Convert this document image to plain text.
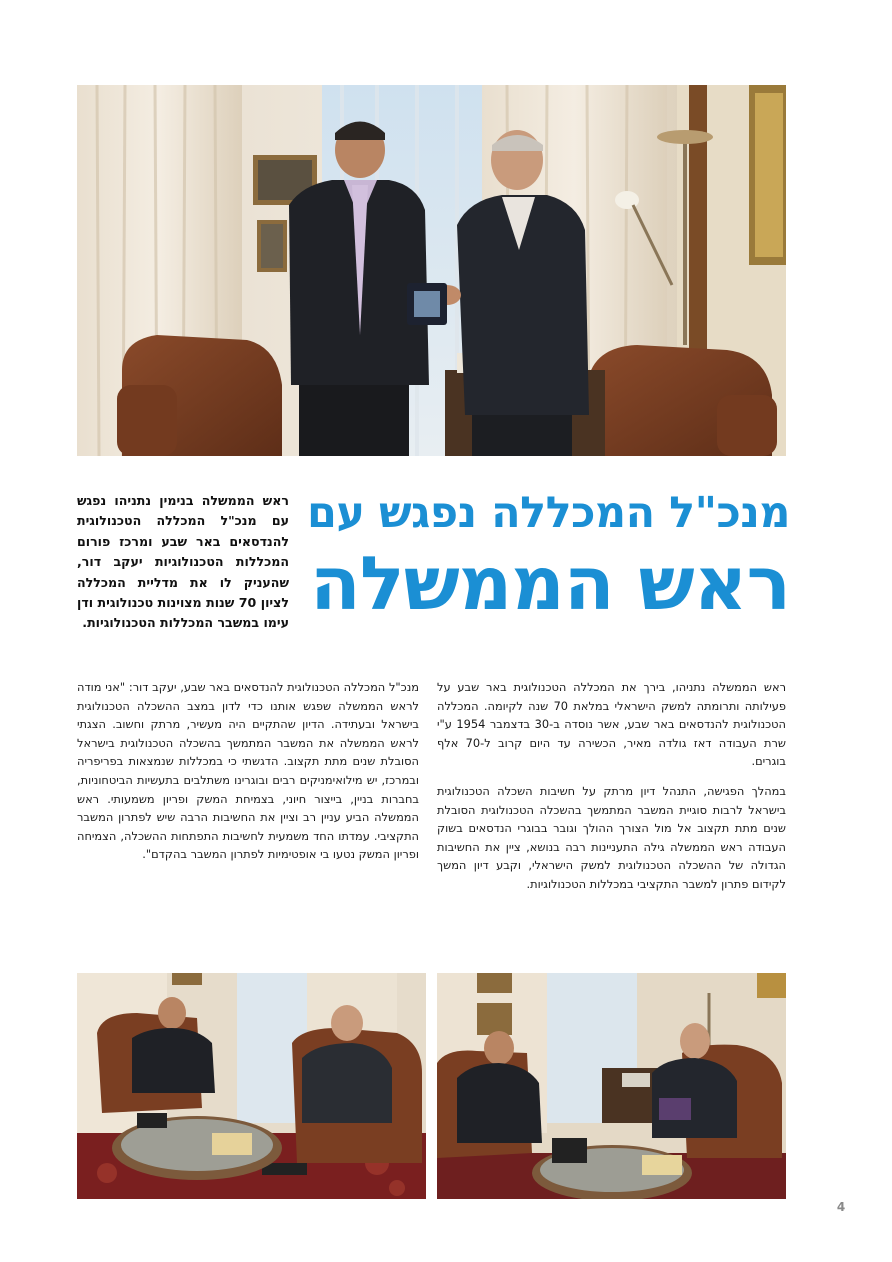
מנכ"ל המכללה נפגש עם
ראש הממשלה
ראש הממשלה בנימין נתניהו נפגש עם מנכ"ל המכללה הטכנולוגית להנדסאים באר שבע ומרכז פורום המכללות הטכנולוגיות יעקב דור, שהעניק לו את מדליית המכללה לציון 70 שנות מצוינות טכנולוגית ודן עימו במשבר המכללות הטכנולוגיות.

ראש הממשלה נתניהו, בירך את המכללה הטכנולוגית באר שבע על פעילותה ותרומתה למשק הישראלי במלאת 70 שנה לקיומה. המכללה הטכנולוגית להנדסאים באר שבע, אשר נוסדה ב-30 בדצמבר 1954 ע"י שרת העבודה דאז גולדה מאיר, הכשירה עד היום קרוב ל-70 אלף בוגרים.

במהלך הפגישה, התנהל דיון מרתק על חשיבות השכלה הטכנולוגית בישראל לרבות סוגיית המשבר המתמשך בהשכלה הטכנולוגית הסובלת שנים מתת תקצוב אל מול הצורך ההולך וגובר בבוגרי הנדסאים בשוק העבודה ראש הממשלה גילה התעניינות רבה בנושא, ציין את החשיבות הגדולה של ההשכלה הטכנולוגית למשק הישראלי, וקבע דיון המשך לקידום פתרון למשבר התקציבי במכללות הטכנולוגיות.

מנכ"ל המכללה הטכנולוגית להנדסאים באר שבע, יעקב דור: "אני מודה לראש הממשלה שפגש אותנו כדי לדון במצב ההשכלה הטכנולוגית בישראל ובעתידה. הדיון שהתקיים היה מעשיר, מרתק וחשוב. הצגתי לראש הממשלה את המשבר המתמשך בהשכלה הטכנולוגית בישראל הסובלת שנים מתת תקצוב. הדגשתי כי במכללות שנמצאות בפריפריה ובמרכז, יש מילואימניקים רבים ובוגרינו משתלבים בתעשיות הביטחוניות, בחברות בניין, בייצור חיוני, בצמיחת המשק ופריון משמעותי. ראש הממשלה הביע עניין רב וציין את החשיבות הרבה שיש לפתרון המשבר התקציבי. עמדתו החד משמעית לחשיבות התפתחות ההשכלה, הצמיחה ופריון המשק נטעו בי אופטימיות לפתרון המשבר בהקדם".

4
